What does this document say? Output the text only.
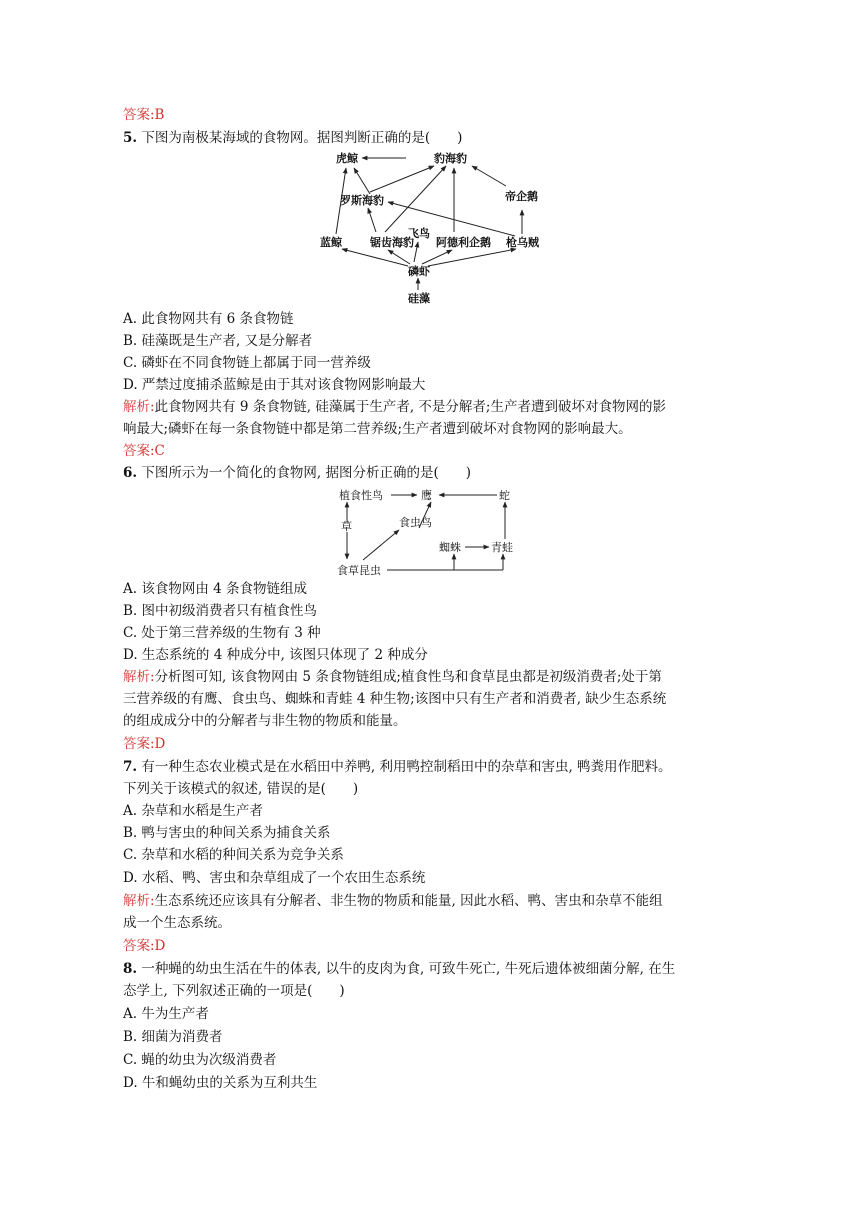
答案:B
5. 下图为南极某海域的食物网。据图判断正确的是(　　)
虎鲸	豹海豹
罗斯海豹	帝企鹅
蓝鲸	锯齿海豹
飞鸟
阿德利企鹅 枪乌贼
磷虾
硅藻
A. 此食物网共有 6 条食物链
B. 硅藻既是生产者, 又是分解者
C. 磷虾在不同食物链上都属于同一营养级
D. 严禁过度捕杀蓝鲸是由于其对该食物网影响最大
解析:此食物网共有 9 条食物链, 硅藻属于生产者, 不是分解者;生产者遭到破坏对食物网的影
响最大;磷虾在每一条食物链中都是第二营养级;生产者遭到破坏对食物网的影响最大。
答案:C
6. 下图所示为一个简化的食物网, 据图分析正确的是(　　)
植食性鸟	鹰	蛇
草	食虫鸟
蜘蛛	青蛙
食草昆虫
A. 该食物网由 4 条食物链组成
B. 图中初级消费者只有植食性鸟
C. 处于第三营养级的生物有 3 种
D. 生态系统的 4 种成分中, 该图只体现了 2 种成分
解析:分析图可知, 该食物网由 5 条食物链组成;植食性鸟和食草昆虫都是初级消费者;处于第
三营养级的有鹰、食虫鸟、蜘蛛和青蛙 4 种生物;该图中只有生产者和消费者, 缺少生态系统
的组成成分中的分解者与非生物的物质和能量。
答案:D
7. 有一种生态农业模式是在水稻田中养鸭, 利用鸭控制稻田中的杂草和害虫, 鸭粪用作肥料。
下列关于该模式的叙述, 错误的是(　　)
A. 杂草和水稻是生产者
B. 鸭与害虫的种间关系为捕食关系
C. 杂草和水稻的种间关系为竞争关系
D. 水稻、鸭、害虫和杂草组成了一个农田生态系统
解析:生态系统还应该具有分解者、非生物的物质和能量, 因此水稻、鸭、害虫和杂草不能组
成一个生态系统。
答案:D
8. 一种蝇的幼虫生活在牛的体表, 以牛的皮肉为食, 可致牛死亡, 牛死后遗体被细菌分解, 在生
态学上, 下列叙述正确的一项是(　　)
A. 牛为生产者
B. 细菌为消费者
C. 蝇的幼虫为次级消费者
D. 牛和蝇幼虫的关系为互利共生
